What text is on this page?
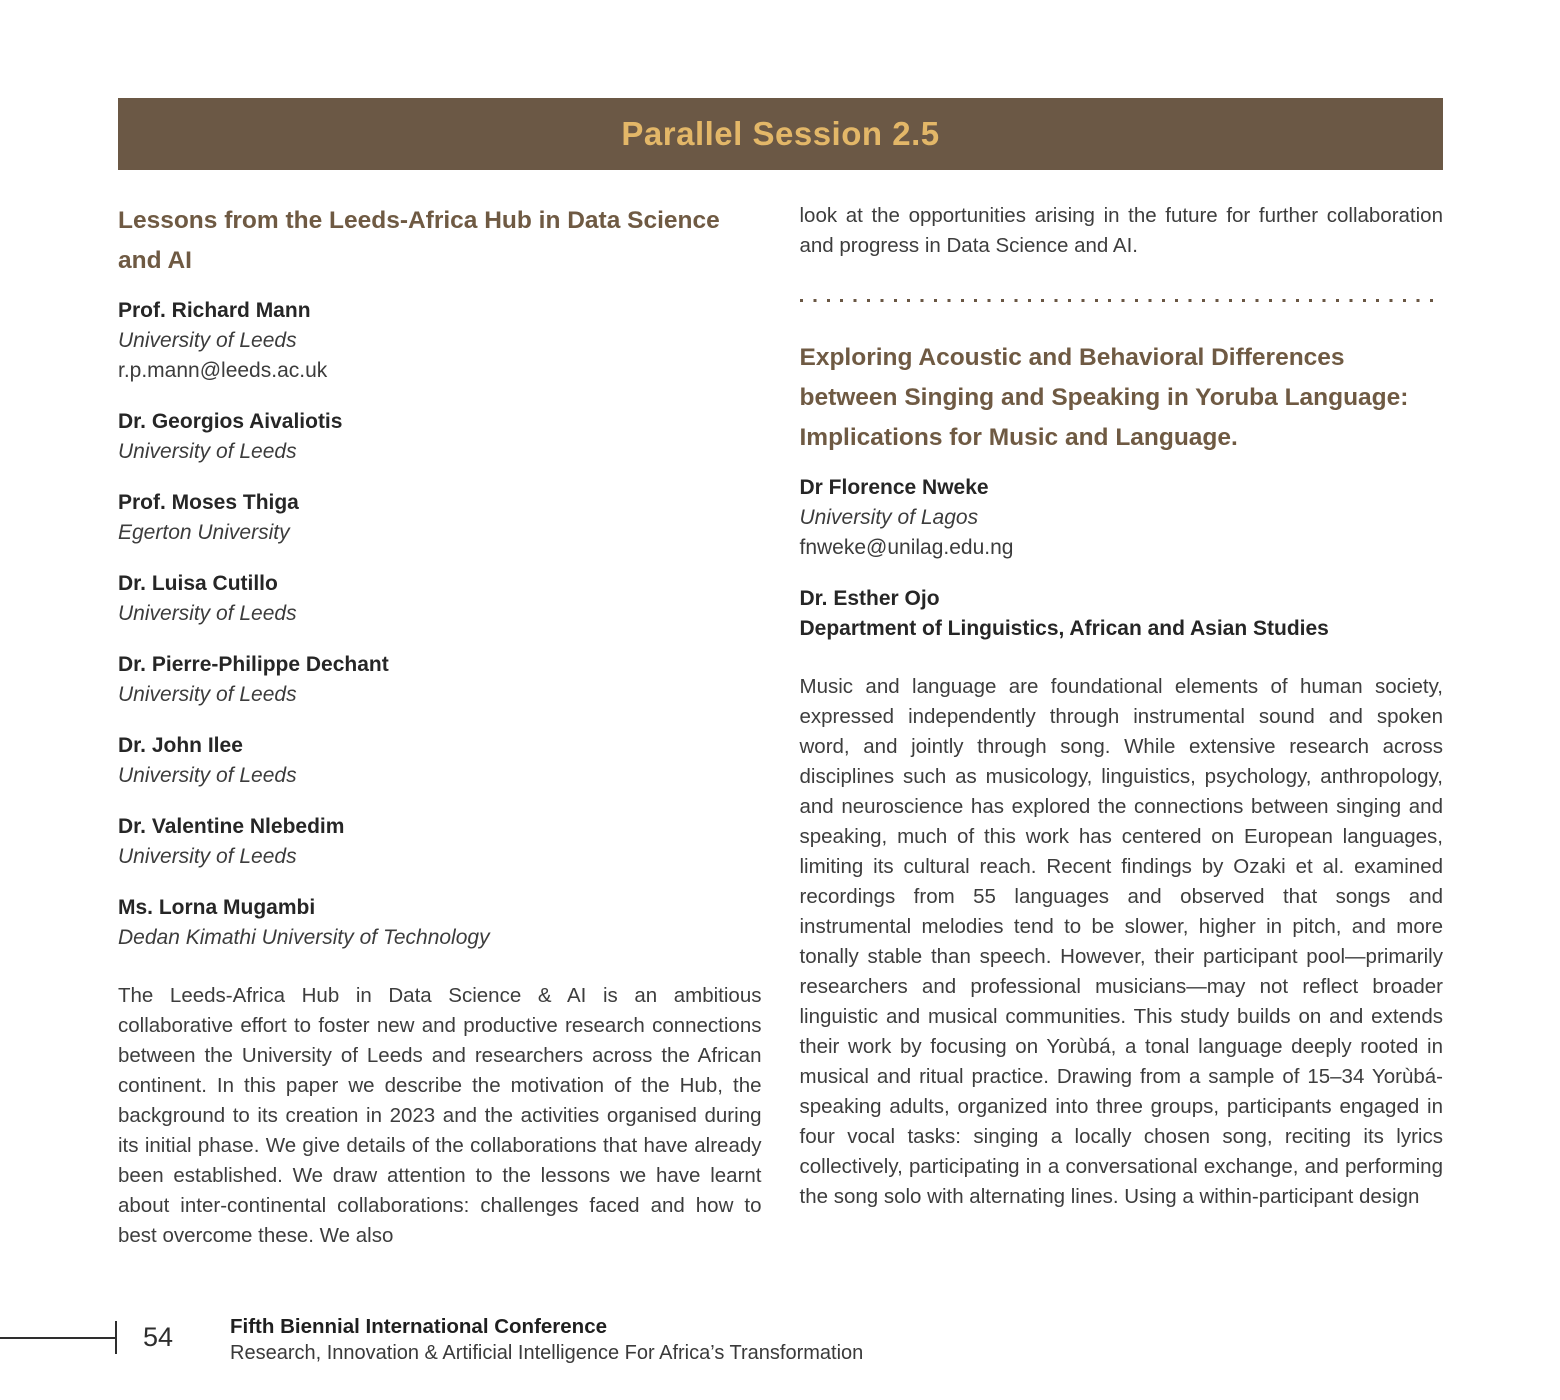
Parallel Session 2.5
Lessons from the Leeds-Africa Hub in Data Science and AI
Prof. Richard Mann
University of Leeds
r.p.mann@leeds.ac.uk
Dr. Georgios Aivaliotis
University of Leeds
Prof. Moses Thiga
Egerton University
Dr. Luisa Cutillo
University of Leeds
Dr. Pierre-Philippe Dechant
University of Leeds
Dr. John Ilee
University of Leeds
Dr. Valentine Nlebedim
University of Leeds
Ms. Lorna Mugambi
Dedan Kimathi University of Technology
The Leeds-Africa Hub in Data Science & AI is an ambitious collaborative effort to foster new and productive research connections between the University of Leeds and researchers across the African continent. In this paper we describe the motivation of the Hub, the background to its creation in 2023 and the activities organised during its initial phase. We give details of the collaborations that have already been established. We draw attention to the lessons we have learnt about inter-continental collaborations: challenges faced and how to best overcome these. We also
look at the opportunities arising in the future for further collaboration and progress in Data Science and AI.
Exploring Acoustic and Behavioral Differences between Singing and Speaking in Yoruba Language: Implications for Music and Language.
Dr Florence Nweke
University of Lagos
fnweke@unilag.edu.ng
Dr. Esther Ojo
Department of Linguistics, African and Asian Studies
Music and language are foundational elements of human society, expressed independently through instrumental sound and spoken word, and jointly through song. While extensive research across disciplines such as musicology, linguistics, psychology, anthropology, and neuroscience has explored the connections between singing and speaking, much of this work has centered on European languages, limiting its cultural reach. Recent findings by Ozaki et al. examined recordings from 55 languages and observed that songs and instrumental melodies tend to be slower, higher in pitch, and more tonally stable than speech. However, their participant pool—primarily researchers and professional musicians—may not reflect broader linguistic and musical communities. This study builds on and extends their work by focusing on Yorùbá, a tonal language deeply rooted in musical and ritual practice. Drawing from a sample of 15–34 Yorùbá-speaking adults, organized into three groups, participants engaged in four vocal tasks: singing a locally chosen song, reciting its lyrics collectively, participating in a conversational exchange, and performing the song solo with alternating lines. Using a within-participant design
54	Fifth Biennial International Conference
Research, Innovation & Artificial Intelligence For Africa’s Transformation
